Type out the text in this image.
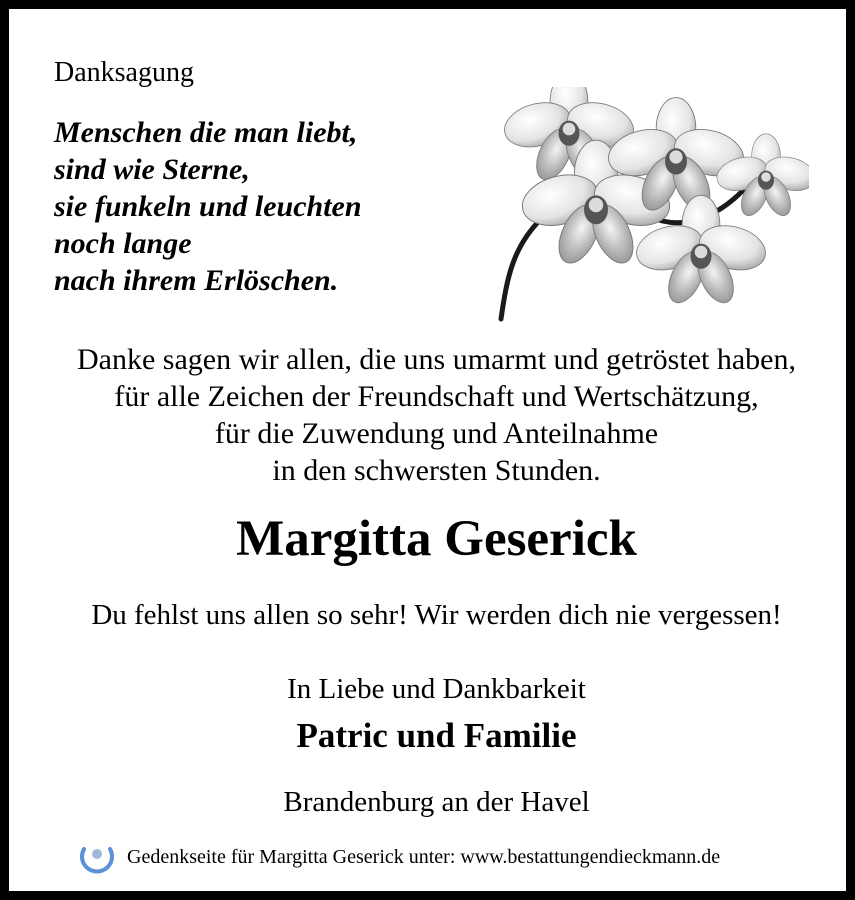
Danksagung
Menschen die man liebt,
sind wie Sterne,
sie funkeln und leuchten
noch lange
nach ihrem Erlöschen.
Danke sagen wir allen, die uns umarmt und getröstet haben,
für alle Zeichen der Freundschaft und Wertschätzung,
für die Zuwendung und Anteilnahme
in den schwersten Stunden.
Margitta Geserick
Du fehlst uns allen so sehr! Wir werden dich nie vergessen!
In Liebe und Dankbarkeit
Patric und Familie
Brandenburg an der Havel
Gedenkseite für Margitta Geserick unter: www.bestattungendieckmann.de
